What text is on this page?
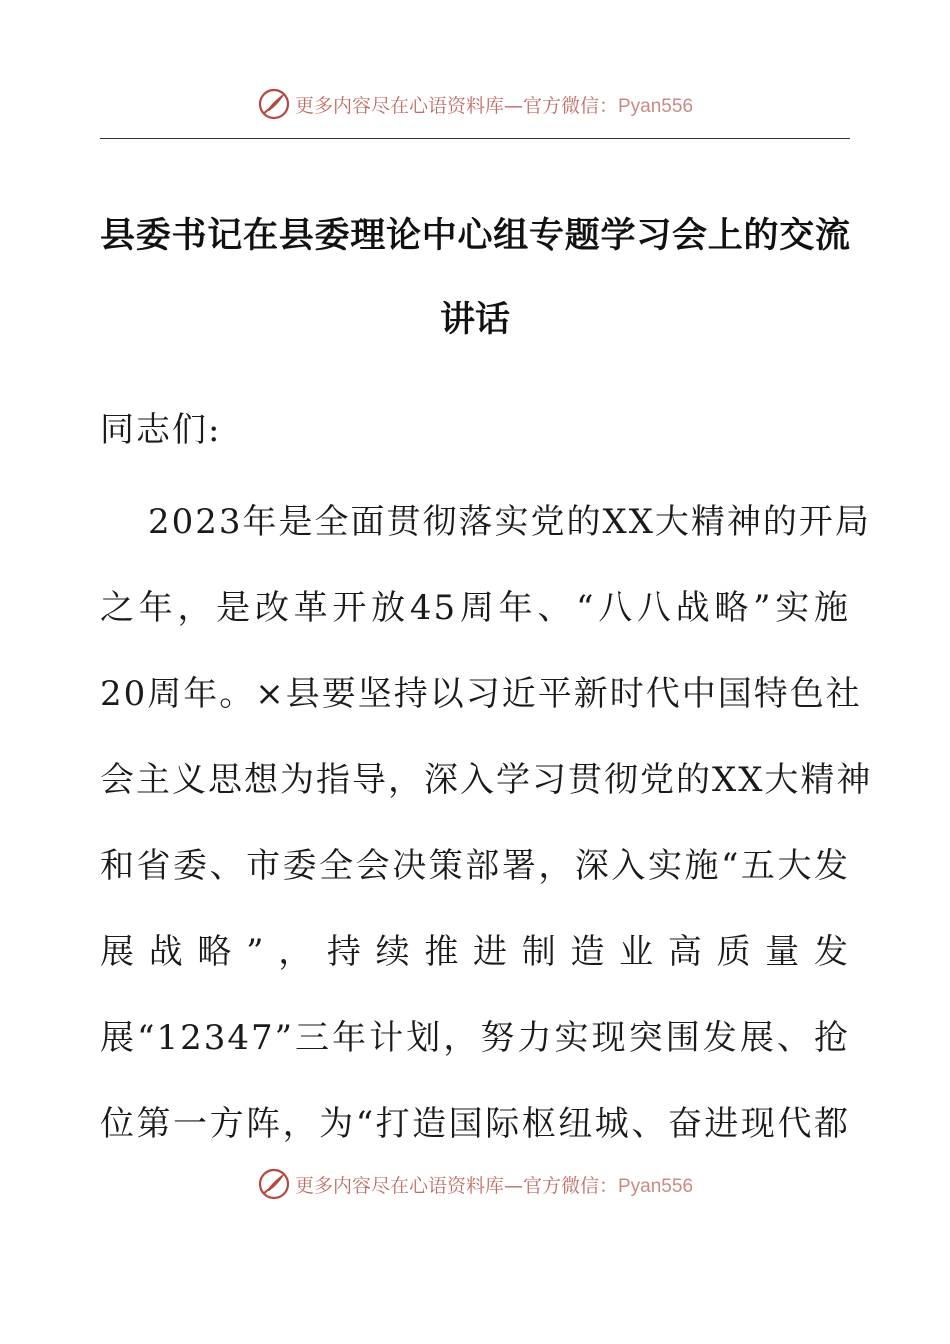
更多内容尽在心语资料库—官方微信：Pyan556
县委书记在县委理论中心组专题学习会上的交流
讲话
同志们:
2023年是全面贯彻落实党的XX大精神的开局
之年，是改革开放45周年、“八八战略”实施
20周年。×县要坚持以习近平新时代中国特色社
会主义思想为指导，深入学习贯彻党的XX大精神
和省委、市委全会决策部署，深入实施“五大发
展战略”，持续推进制造业高质量发
展“12347”三年计划，努力实现突围发展、抢
位第一方阵，为“打造国际枢纽城、奋进现代都
更多内容尽在心语资料库—官方微信：Pyan556
